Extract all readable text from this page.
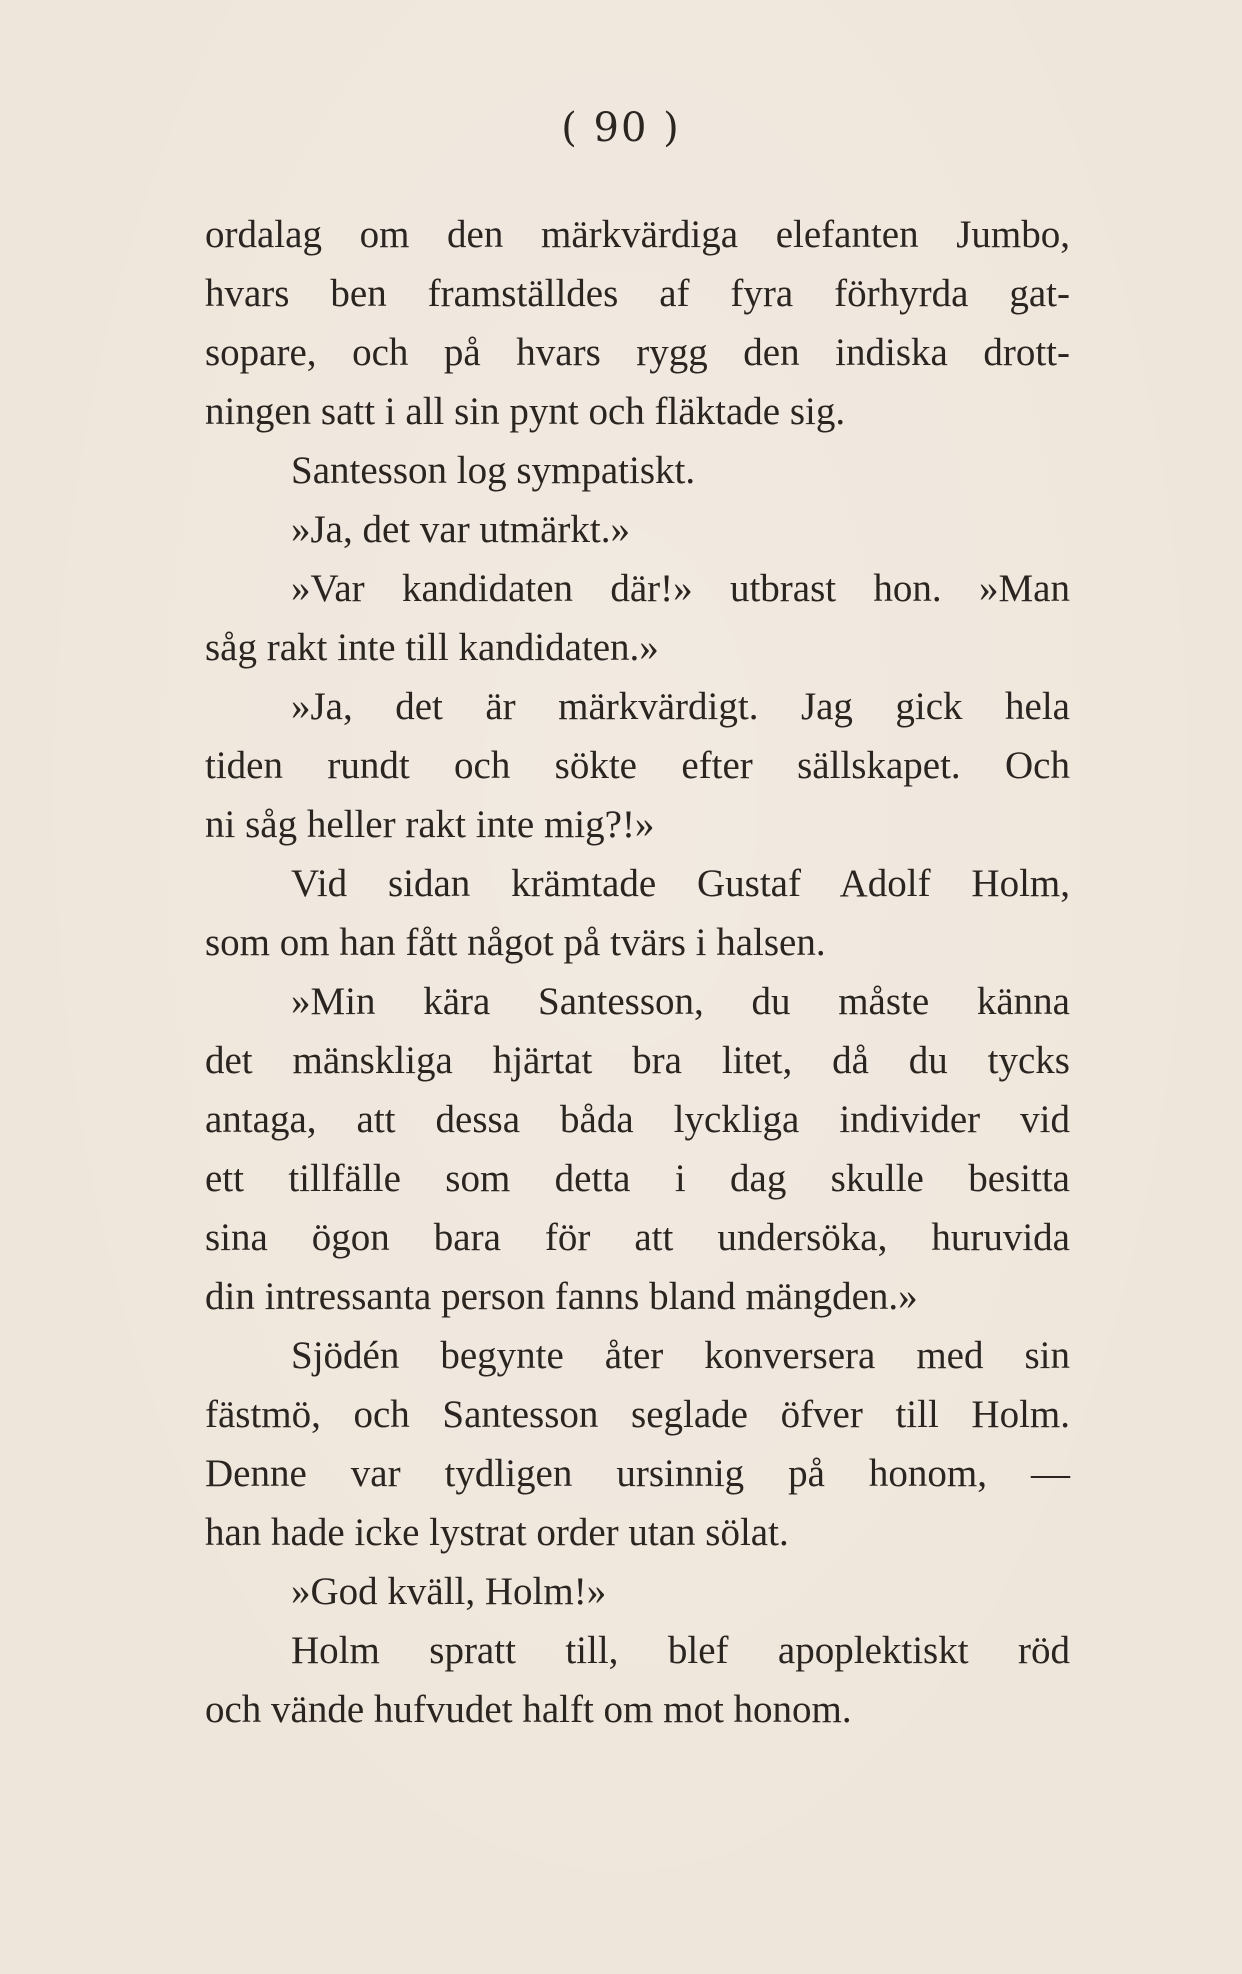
( 90 )
ordalag om den märkvärdiga elefanten Jumbo,
hvars ben framställdes af fyra förhyrda gat-
sopare, och på hvars rygg den indiska drott-
ningen satt i all sin pynt och fläktade sig.
Santesson log sympatiskt.
»Ja, det var utmärkt.»
»Var kandidaten där!» utbrast hon. »Man
såg rakt inte till kandidaten.»
»Ja, det är märkvärdigt. Jag gick hela
tiden rundt och sökte efter sällskapet. Och
ni såg heller rakt inte mig?!»
Vid sidan krämtade Gustaf Adolf Holm,
som om han fått något på tvärs i halsen.
»Min kära Santesson, du måste känna
det mänskliga hjärtat bra litet, då du tycks
antaga, att dessa båda lyckliga individer vid
ett tillfälle som detta i dag skulle besitta
sina ögon bara för att undersöka, huruvida
din intressanta person fanns bland mängden.»
Sjödén begynte åter konversera med sin
fästmö, och Santesson seglade öfver till Holm.
Denne var tydligen ursinnig på honom, —
han hade icke lystrat order utan sölat.
»God kväll, Holm!»
Holm spratt till, blef apoplektiskt röd
och vände hufvudet halft om mot honom.
